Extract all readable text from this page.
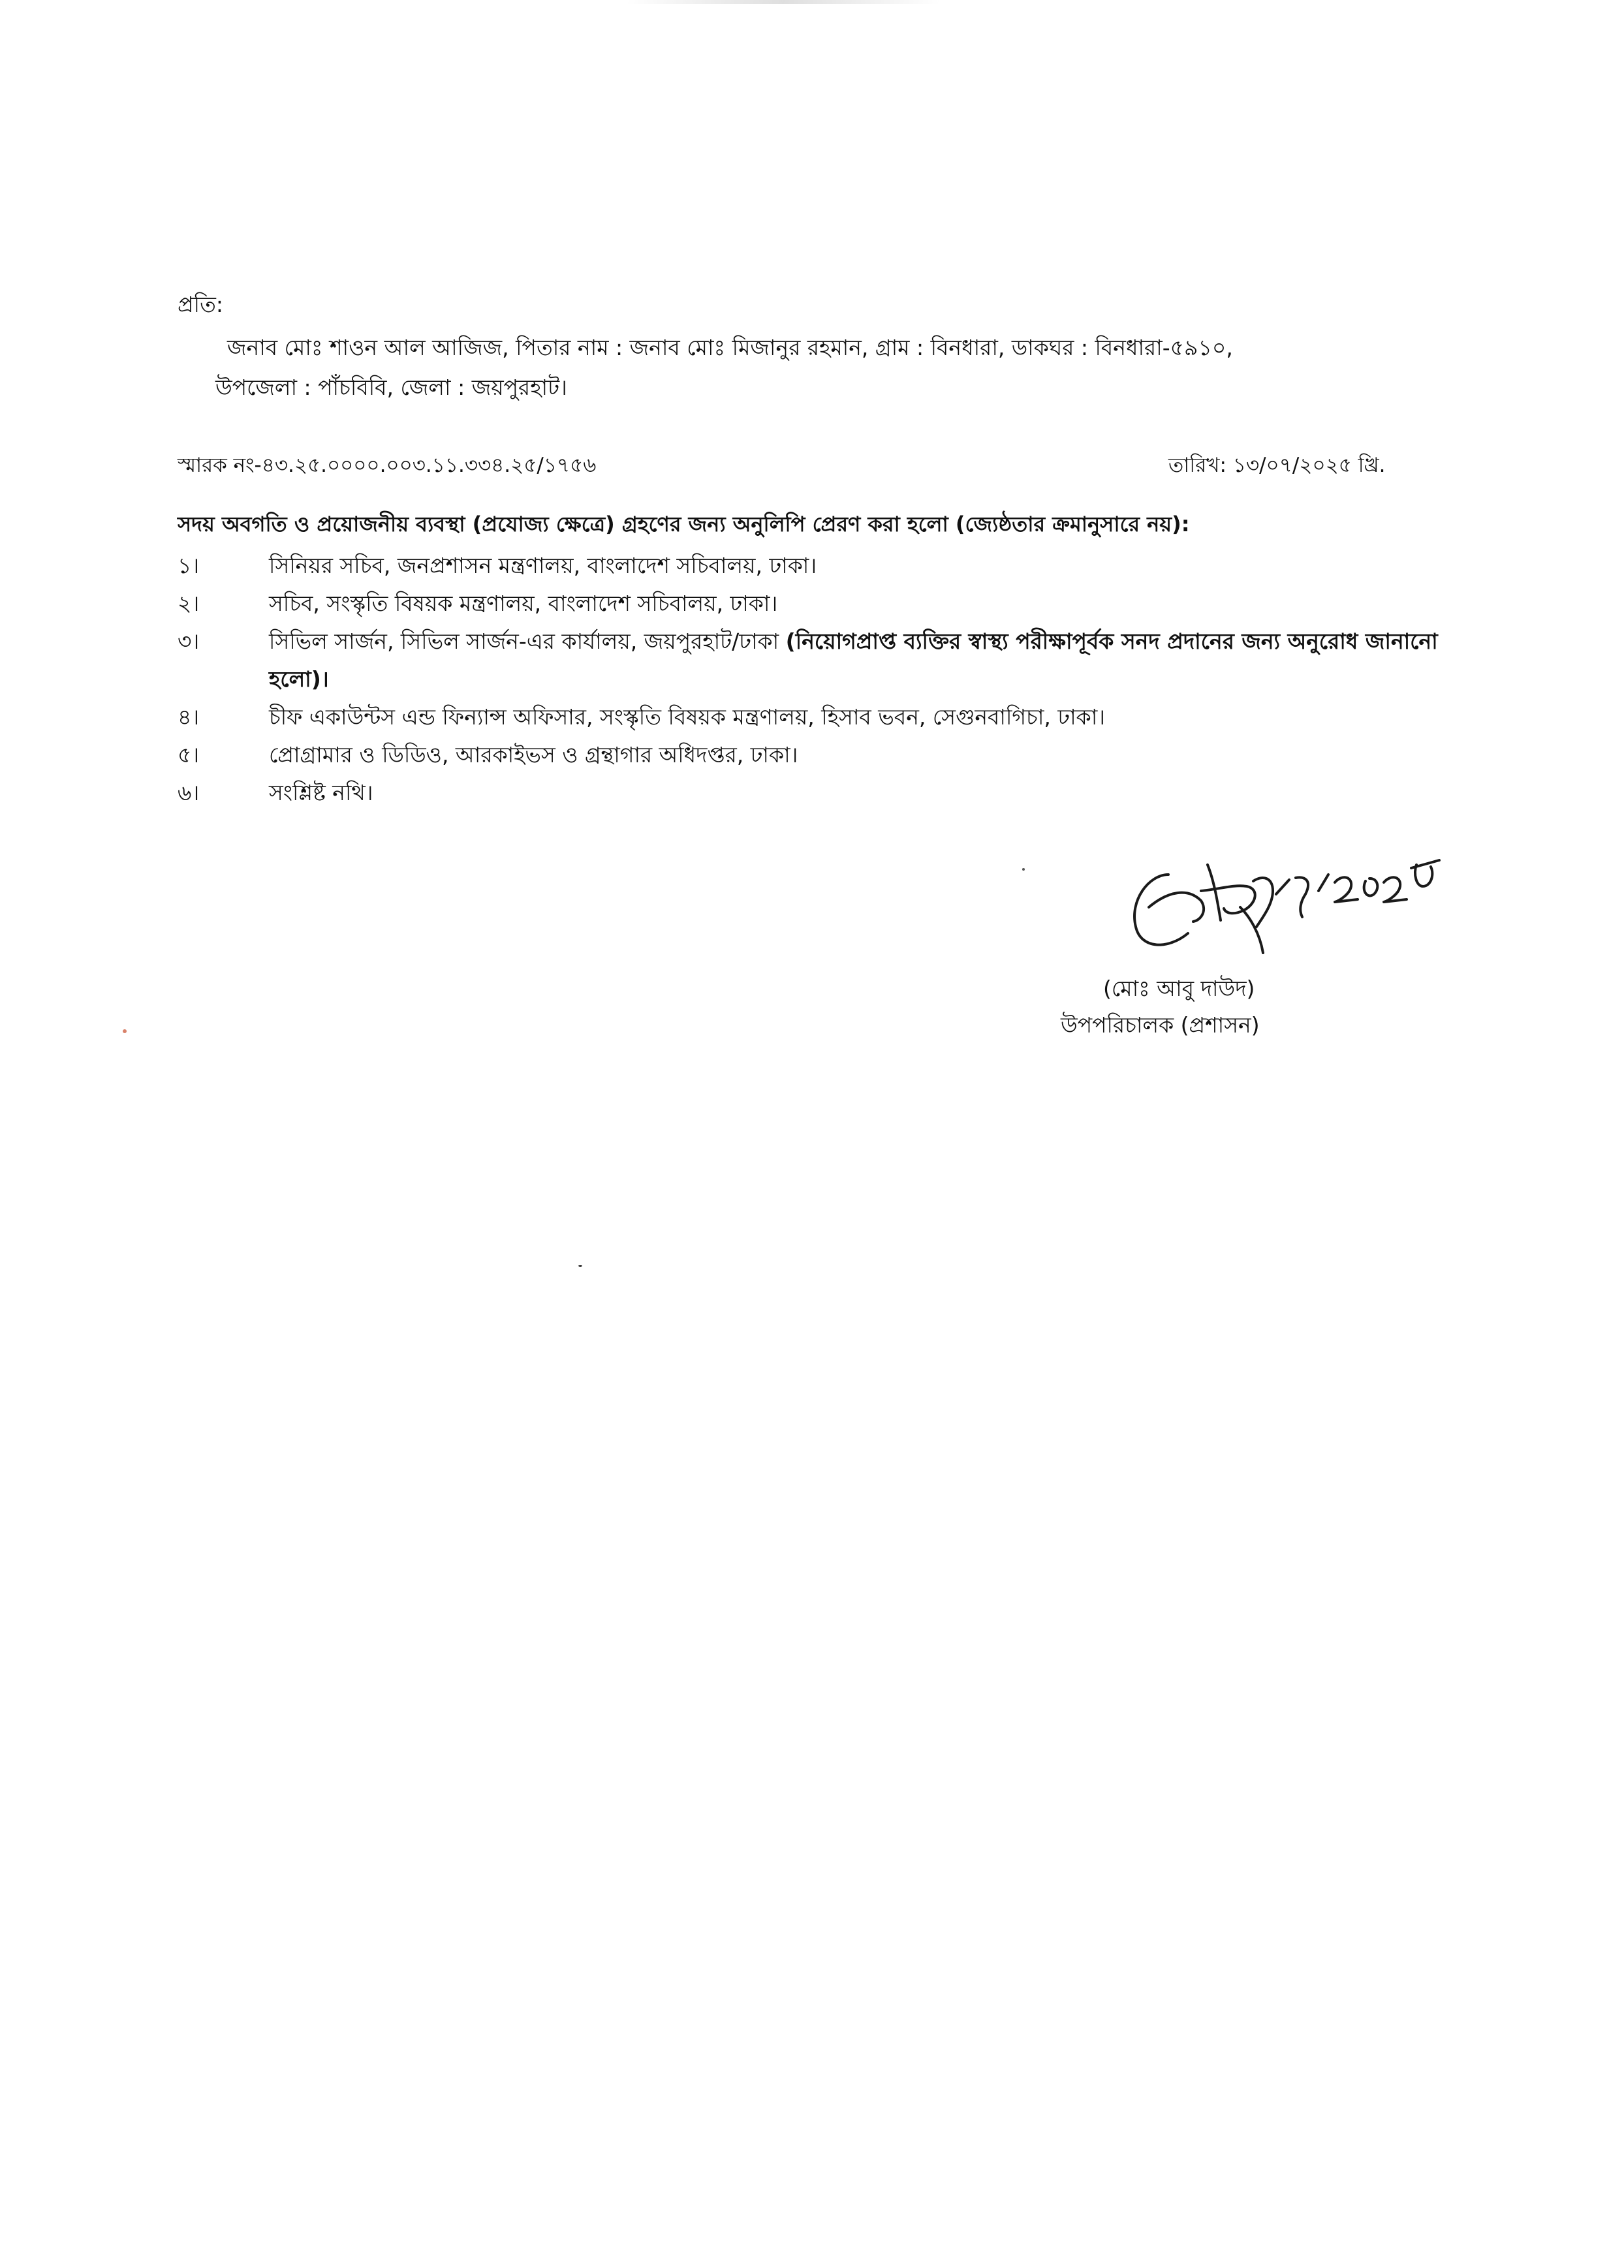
প্রতি:
জনাব মোঃ শাওন আল আজিজ, পিতার নাম : জনাব মোঃ মিজানুর রহমান, গ্রাম : বিনধারা, ডাকঘর : বিনধারা-৫৯১০,
উপজেলা : পাঁচবিবি, জেলা : জয়পুরহাট।
স্মারক নং-৪৩.২৫.০০০০.০০৩.১১.৩৩৪.২৫/১৭৫৬	তারিখ: ১৩/০৭/২০২৫ খ্রি.
সদয় অবগতি ও প্রয়োজনীয় ব্যবস্থা (প্রযোজ্য ক্ষেত্রে) গ্রহণের জন্য অনুলিপি প্রেরণ করা হলো (জ্যেষ্ঠতার ক্রমানুসারে নয়):
১।	সিনিয়র সচিব, জনপ্রশাসন মন্ত্রণালয়, বাংলাদেশ সচিবালয়, ঢাকা।
২।	সচিব, সংস্কৃতি বিষয়ক মন্ত্রণালয়, বাংলাদেশ সচিবালয়, ঢাকা।
৩।	সিভিল সার্জন, সিভিল সার্জন-এর কার্যালয়, জয়পুরহাট/ঢাকা (নিয়োগপ্রাপ্ত ব্যক্তির স্বাস্থ্য পরীক্ষাপূর্বক সনদ প্রদানের জন্য অনুরোধ জানানো হলো)।
৪।	চীফ একাউন্টস এন্ড ফিন্যান্স অফিসার, সংস্কৃতি বিষয়ক মন্ত্রণালয়, হিসাব ভবন, সেগুনবাগিচা, ঢাকা।
৫।	প্রোগ্রামার ও ডিডিও, আরকাইভস ও গ্রন্থাগার অধিদপ্তর, ঢাকা।
৬।	সংশ্লিষ্ট নথি।
(মোঃ আবু দাউদ)
উপপরিচালক (প্রশাসন)
